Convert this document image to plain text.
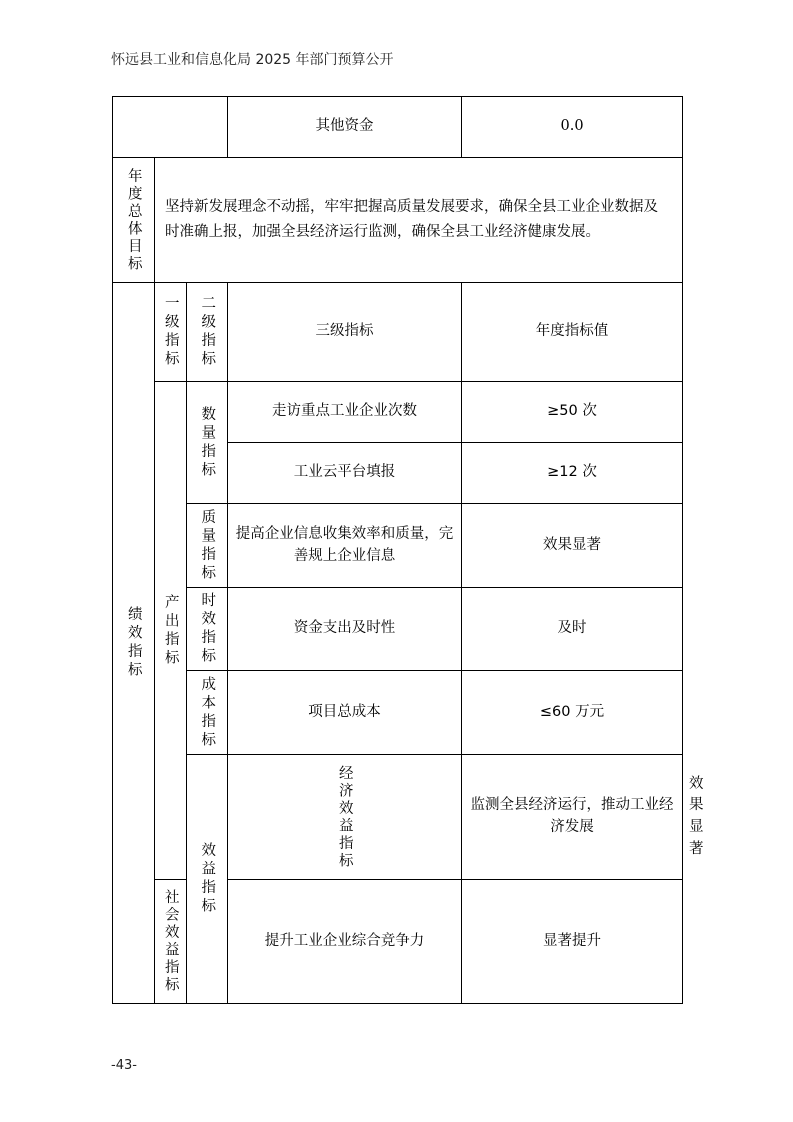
怀远县工业和信息化局 2025 年部门预算公开
			其他资金	0.0	
年度总体目标	坚持新发展理念不动摇，牢牢把握高质量发展要求，确保全县工业企业数据及时准确上报，加强全县经济运行监测，确保全县工业经济健康发展。				
绩效指标	一级指标	二级指标	三级指标	年度指标值	
	产出指标	数量指标	走访重点工业企业次数	≥50 次	
			工业云平台填报	≥12 次	
		质量指标	提高企业信息收集效率和质量，完善规上企业信息	效果显著	
		时效指标	资金支出及时性	及时	
		成本指标	项目总成本	≤60 万元	
		效益指标	经济效益指标	监测全县经济运行，推动工业经济发展	效果显著
	社会效益指标		提升工业企业综合竞争力	显著提升	
-43-
